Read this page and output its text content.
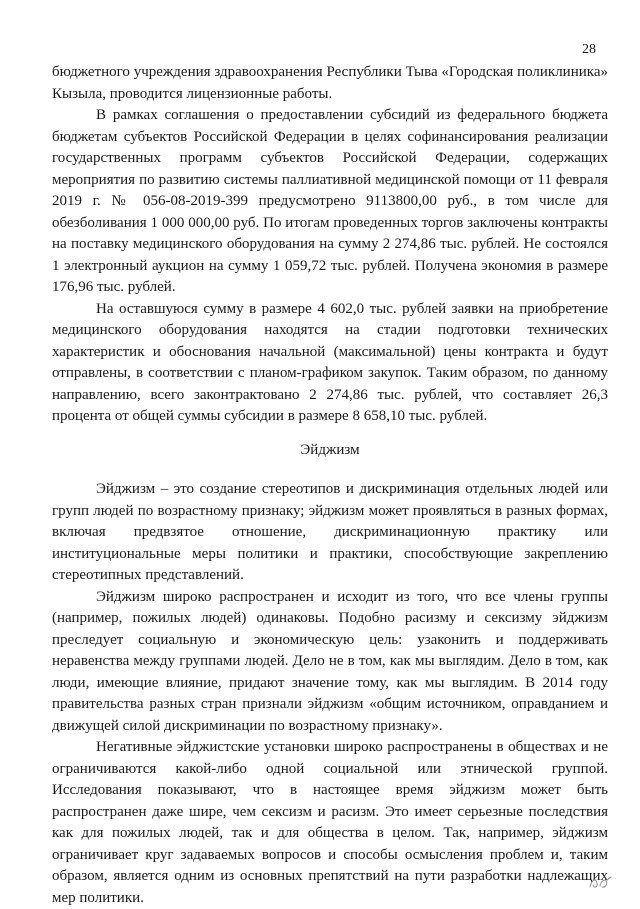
28

бюджетного учреждения здравоохранения Республики Тыва «Городская поликлиника» Кызыла, проводится лицензионные работы.

В рамках соглашения о предоставлении субсидий из федерального бюджета бюджетам субъектов Российской Федерации в целях софинансирования реализации государственных программ субъектов Российской Федерации, содержащих мероприятия по развитию системы паллиативной медицинской помощи от 11 февраля 2019 г. № 056-08-2019-399 предусмотрено 9113800,00 руб., в том числе для обезболивания 1 000 000,00 руб. По итогам проведенных торгов заключены контракты на поставку медицинского оборудования на сумму 2 274,86 тыс. рублей. Не состоялся 1 электронный аукцион на сумму 1 059,72 тыс. рублей. Получена экономия в размере 176,96 тыс. рублей.

На оставшуюся сумму в размере 4 602,0 тыс. рублей заявки на приобретение медицинского оборудования находятся на стадии подготовки технических характеристик и обоснования начальной (максимальной) цены контракта и будут отправлены, в соответствии с планом-графиком закупок. Таким образом, по данному направлению, всего законтрактовано 2 274,86 тыс. рублей, что составляет 26,3 процента от общей суммы субсидии в размере 8 658,10 тыс. рублей.

Эйджизм

Эйджизм – это создание стереотипов и дискриминация отдельных людей или групп людей по возрастному признаку; эйджизм может проявляться в разных формах, включая предвзятое отношение, дискриминационную практику или институциональные меры политики и практики, способствующие закреплению стереотипных представлений.

Эйджизм широко распространен и исходит из того, что все члены группы (например, пожилых людей) одинаковы. Подобно расизму и сексизму эйджизм преследует социальную и экономическую цель: узаконить и поддерживать неравенства между группами людей. Дело не в том, как мы выглядим. Дело в том, как люди, имеющие влияние, придают значение тому, как мы выглядим. В 2014 году правительства разных стран признали эйджизм «общим источником, оправданием и движущей силой дискриминации по возрастному признаку».

Негативные эйджистские установки широко распространены в обществах и не ограничиваются какой-либо одной социальной или этнической группой. Исследования показывают, что в настоящее время эйджизм может быть распространен даже шире, чем сексизм и расизм. Это имеет серьезные последствия как для пожилых людей, так и для общества в целом. Так, например, эйджизм ограничивает круг задаваемых вопросов и способы осмысления проблем и, таким образом, является одним из основных препятствий на пути разработки надлежащих мер политики.
